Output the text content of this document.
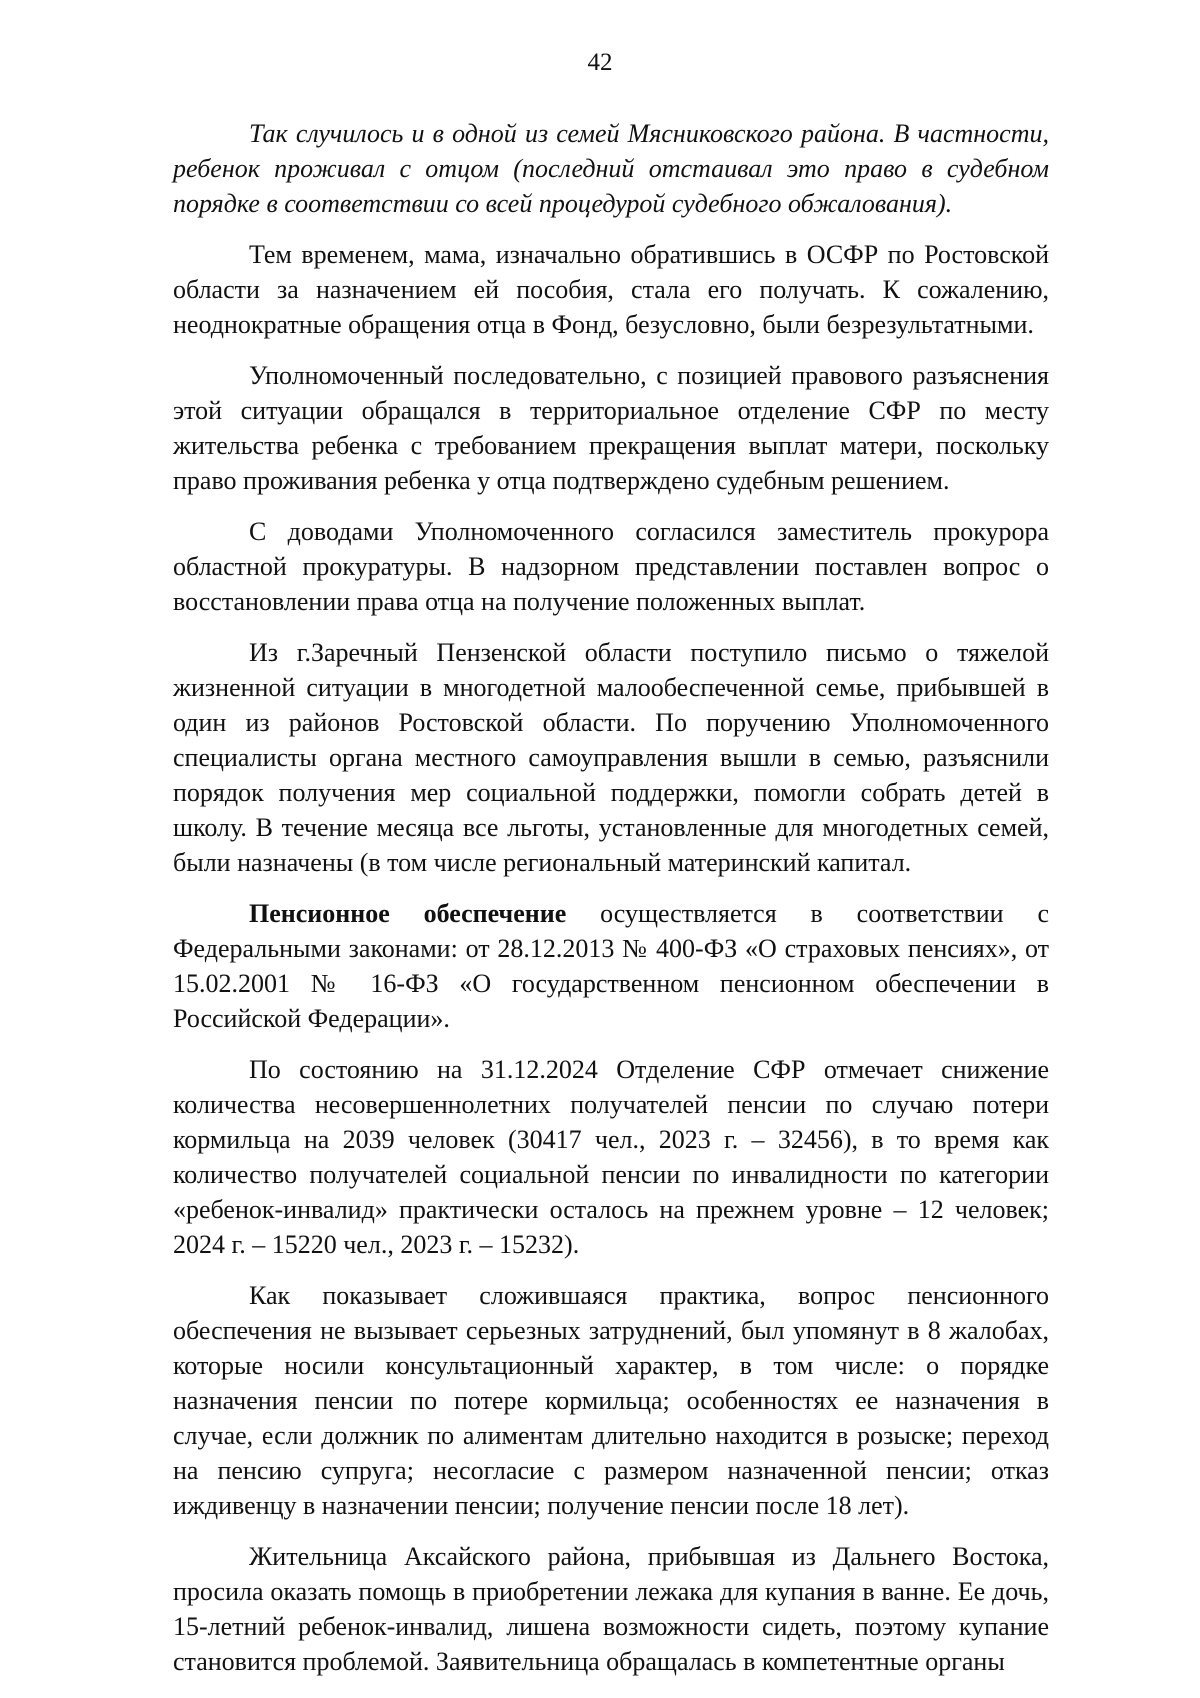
42

Так случилось и в одной из семей Мясниковского района. В частности, ребенок проживал с отцом (последний отстаивал это право в судебном порядке в соответствии со всей процедурой судебного обжалования).

Тем временем, мама, изначально обратившись в ОСФР по Ростовской области за назначением ей пособия, стала его получать. К сожалению, неоднократные обращения отца в Фонд, безусловно, были безрезультатными.

Уполномоченный последовательно, с позицией правового разъяснения этой ситуации обращался в территориальное отделение СФР по месту жительства ребенка с требованием прекращения выплат матери, поскольку право проживания ребенка у отца подтверждено судебным решением.

С доводами Уполномоченного согласился заместитель прокурора областной прокуратуры. В надзорном представлении поставлен вопрос о восстановлении права отца на получение положенных выплат.

Из г.Заречный Пензенской области поступило письмо о тяжелой жизненной ситуации в многодетной малообеспеченной семье, прибывшей в один из районов Ростовской области. По поручению Уполномоченного специалисты органа местного самоуправления вышли в семью, разъяснили порядок получения мер социальной поддержки, помогли собрать детей в школу. В течение месяца все льготы, установленные для многодетных семей, были назначены (в том числе региональный материнский капитал.

Пенсионное обеспечение осуществляется в соответствии с Федеральными законами: от 28.12.2013 № 400-ФЗ «О страховых пенсиях», от 15.02.2001 № 16-ФЗ «О государственном пенсионном обеспечении в Российской Федерации».

По состоянию на 31.12.2024 Отделение СФР отмечает снижение количества несовершеннолетних получателей пенсии по случаю потери кормильца на 2039 человек (30417 чел., 2023 г. – 32456), в то время как количество получателей социальной пенсии по инвалидности по категории «ребенок-инвалид» практически осталось на прежнем уровне – 12 человек; 2024 г. – 15220 чел., 2023 г. – 15232).

Как показывает сложившаяся практика, вопрос пенсионного обеспечения не вызывает серьезных затруднений, был упомянут в 8 жалобах, которые носили консультационный характер, в том числе: о порядке назначения пенсии по потере кормильца; особенностях ее назначения в случае, если должник по алиментам длительно находится в розыске; переход на пенсию супруга; несогласие с размером назначенной пенсии; отказ иждивенцу в назначении пенсии; получение пенсии после 18 лет).

Жительница Аксайского района, прибывшая из Дальнего Востока, просила оказать помощь в приобретении лежака для купания в ванне. Ее дочь, 15-летний ребенок-инвалид, лишена возможности сидеть, поэтому купание становится проблемой. Заявительница обращалась в компетентные органы
